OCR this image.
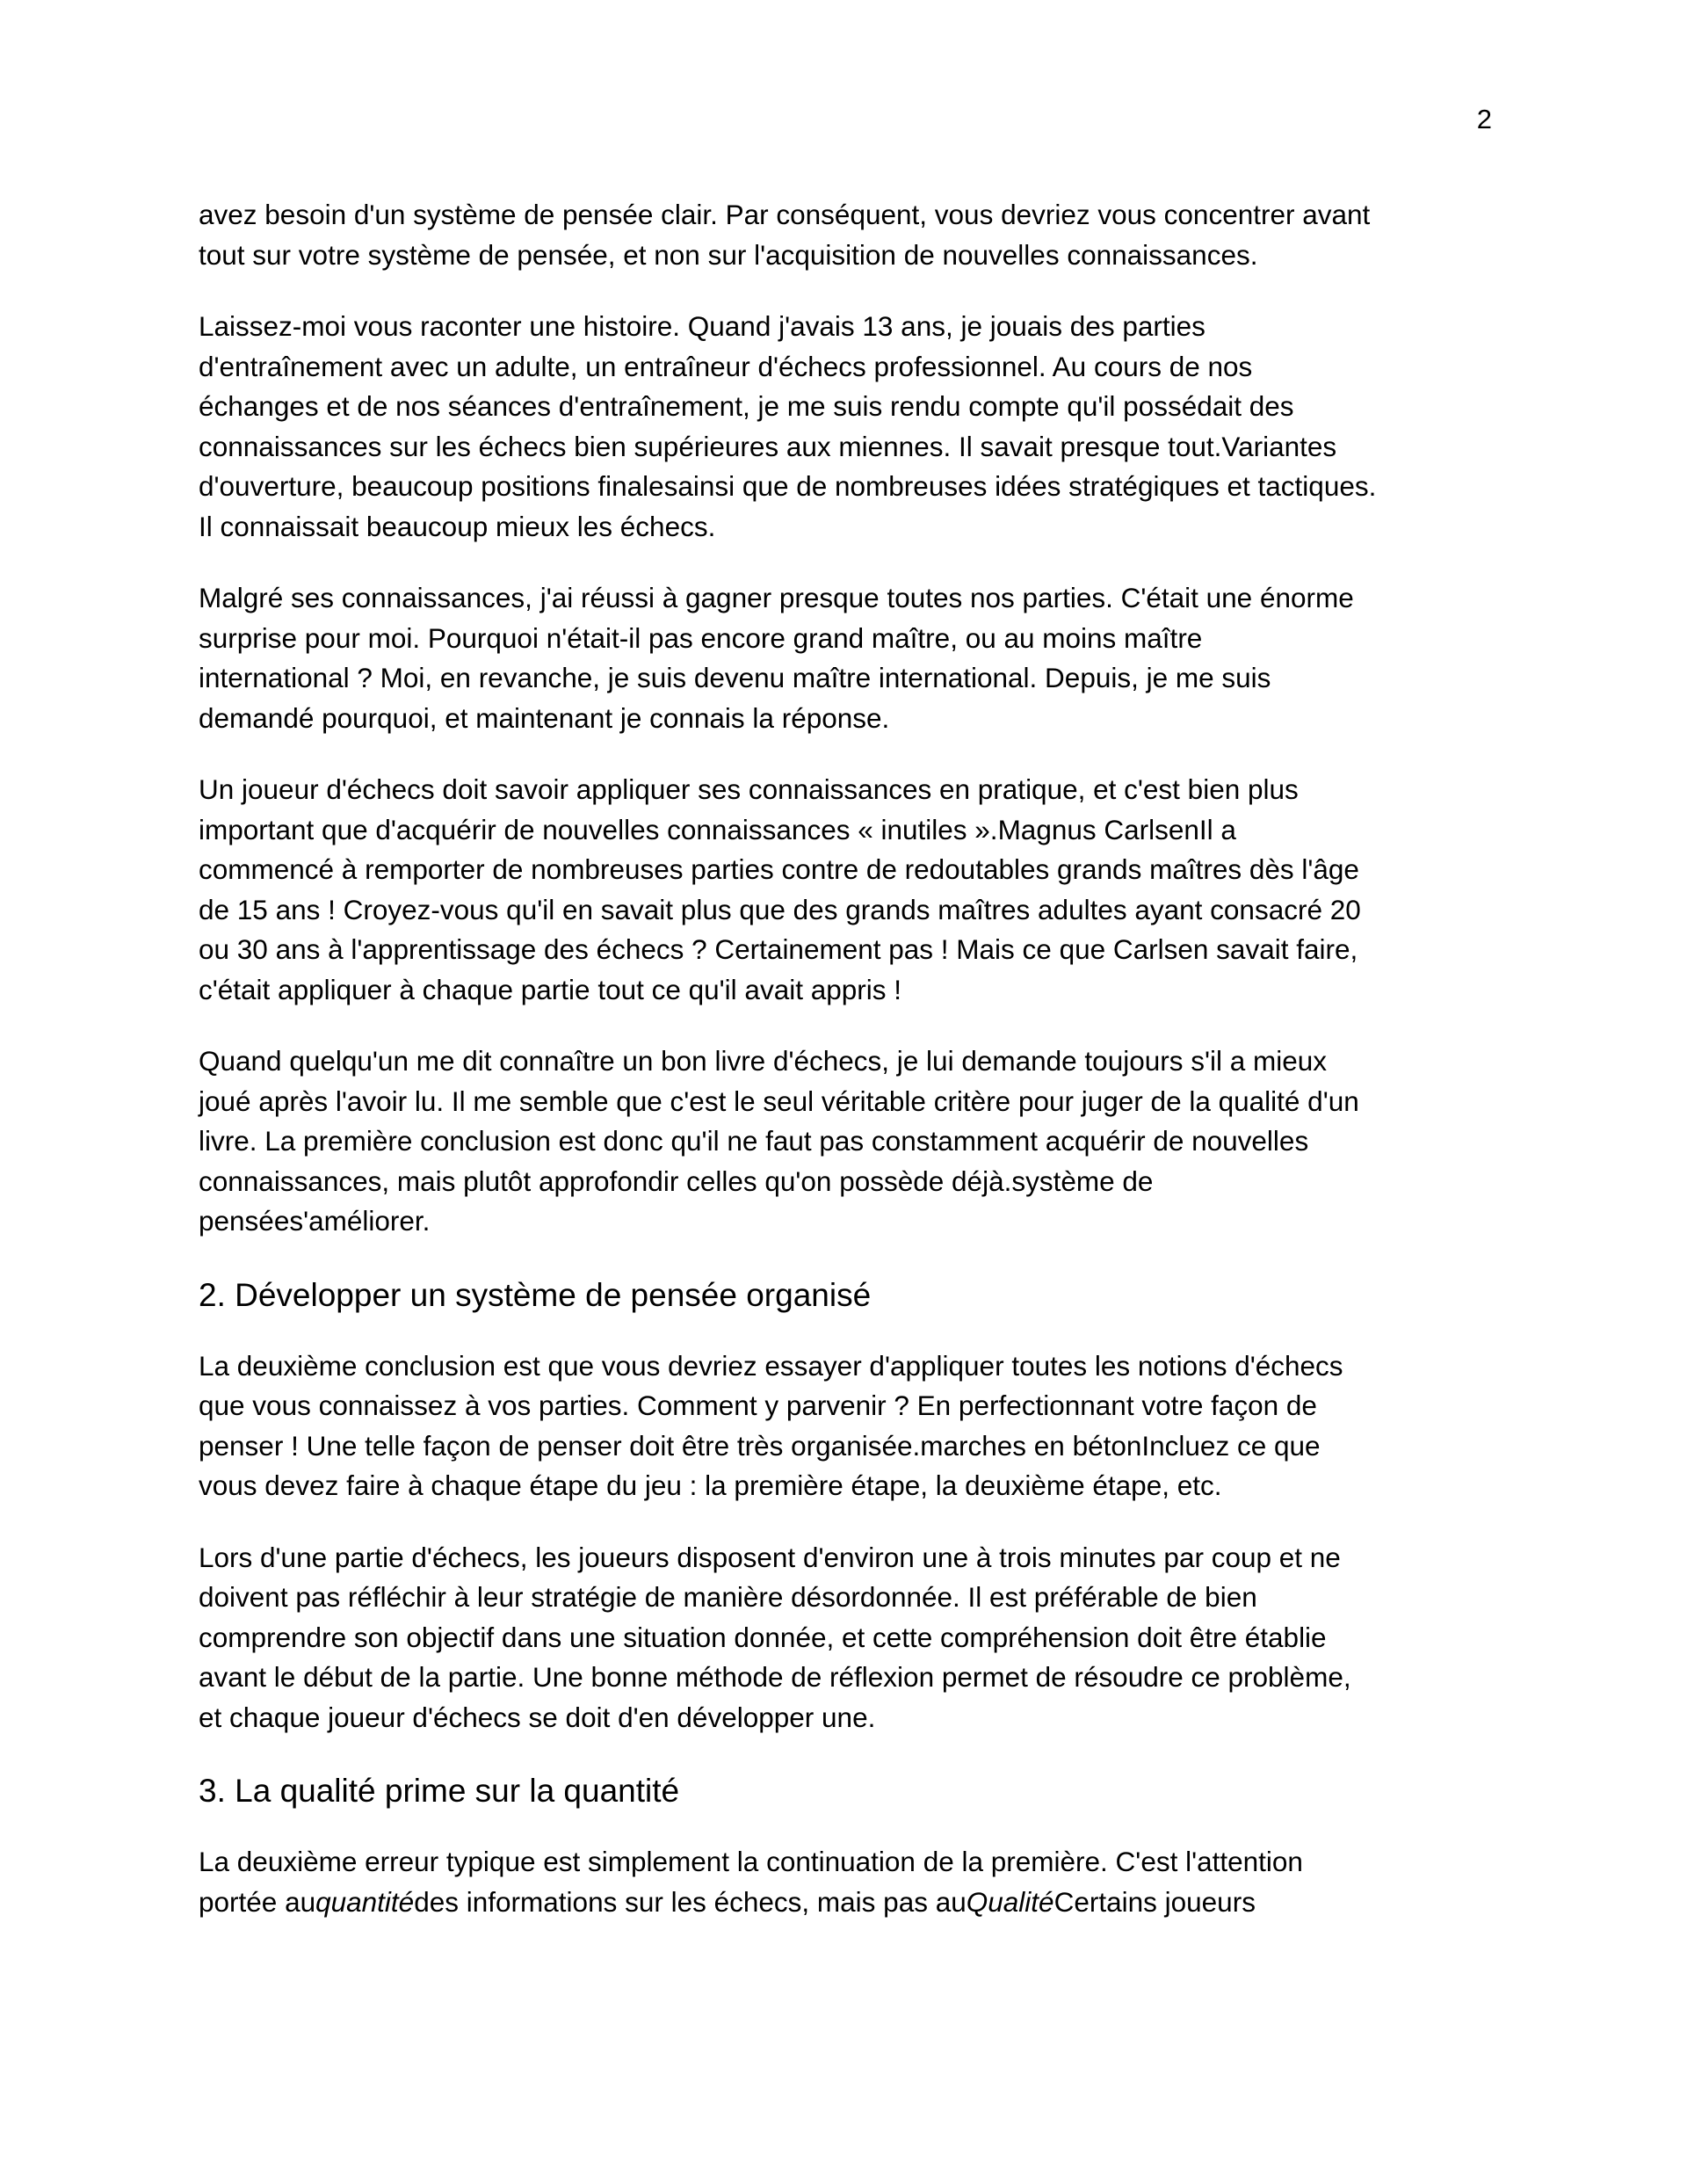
2

avez besoin d'un système de pensée clair. Par conséquent, vous devriez vous concentrer avant
tout sur votre système de pensée, et non sur l'acquisition de nouvelles connaissances.

Laissez-moi vous raconter une histoire. Quand j'avais 13 ans, je jouais des parties
d'entraînement avec un adulte, un entraîneur d'échecs professionnel. Au cours de nos
échanges et de nos séances d'entraînement, je me suis rendu compte qu'il possédait des
connaissances sur les échecs bien supérieures aux miennes. Il savait presque tout.Variantes
d'ouverture, beaucoup positions finalesainsi que de nombreuses idées stratégiques et tactiques.
Il connaissait beaucoup mieux les échecs.

Malgré ses connaissances, j'ai réussi à gagner presque toutes nos parties. C'était une énorme
surprise pour moi. Pourquoi n'était-il pas encore grand maître, ou au moins maître
international ? Moi, en revanche, je suis devenu maître international. Depuis, je me suis
demandé pourquoi, et maintenant je connais la réponse.

Un joueur d'échecs doit savoir appliquer ses connaissances en pratique, et c'est bien plus
important que d'acquérir de nouvelles connaissances « inutiles ».Magnus CarlsenIl a
commencé à remporter de nombreuses parties contre de redoutables grands maîtres dès l'âge
de 15 ans ! Croyez-vous qu'il en savait plus que des grands maîtres adultes ayant consacré 20
ou 30 ans à l'apprentissage des échecs ? Certainement pas ! Mais ce que Carlsen savait faire,
c'était appliquer à chaque partie tout ce qu'il avait appris !

Quand quelqu'un me dit connaître un bon livre d'échecs, je lui demande toujours s'il a mieux
joué après l'avoir lu. Il me semble que c'est le seul véritable critère pour juger de la qualité d'un
livre. La première conclusion est donc qu'il ne faut pas constamment acquérir de nouvelles
connaissances, mais plutôt approfondir celles qu'on possède déjà.système de
pensées'améliorer.

2. Développer un système de pensée organisé

La deuxième conclusion est que vous devriez essayer d'appliquer toutes les notions d'échecs
que vous connaissez à vos parties. Comment y parvenir ? En perfectionnant votre façon de
penser ! Une telle façon de penser doit être très organisée.marches en bétonIncluez ce que
vous devez faire à chaque étape du jeu : la première étape, la deuxième étape, etc.

Lors d'une partie d'échecs, les joueurs disposent d'environ une à trois minutes par coup et ne
doivent pas réfléchir à leur stratégie de manière désordonnée. Il est préférable de bien
comprendre son objectif dans une situation donnée, et cette compréhension doit être établie
avant le début de la partie. Une bonne méthode de réflexion permet de résoudre ce problème,
et chaque joueur d'échecs se doit d'en développer une.

3. La qualité prime sur la quantité

La deuxième erreur typique est simplement la continuation de la première. C'est l'attention
portée auquantitédes informations sur les échecs, mais pas auQualitéCertains joueurs
